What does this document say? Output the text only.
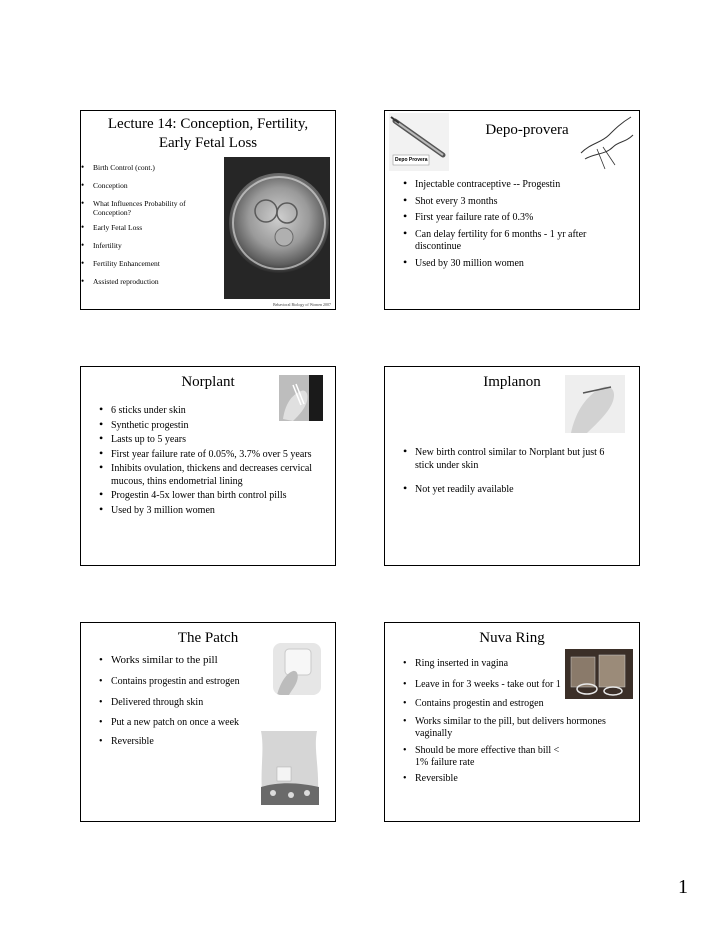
Lecture 14: Conception, Fertility,
Early Fetal Loss
• Birth Control (cont.)
• Conception
• What Influences Probability of Conception?
• Early Fetal Loss
• Infertility
• Fertility Enhancement
• Assisted reproduction
Behavioral Biology of Women 2007
Depo Provera
Depo-provera
• Injectable contraceptive -- Progestin
• Shot every 3 months
• First year failure rate of 0.3%
• Can delay fertility for 6 months - 1 yr after discontinue
• Used by 30 million women
Norplant
• 6 sticks under skin
• Synthetic progestin
• Lasts up to 5 years
• First year failure rate of 0.05%, 3.7% over 5 years
• Inhibits ovulation, thickens and decreases cervical mucous, thins endometrial lining
• Progestin 4-5x lower than birth control pills
• Used by 3 million women
Implanon
• New birth control similar to Norplant but just 6 stick under skin
• Not yet readily available
The Patch
• Works similar to the pill
• Contains progestin and estrogen
• Delivered through skin
• Put a new patch on once a week
• Reversible
Nuva Ring
• Ring inserted in vagina
• Leave in for 3 weeks - take out for 1
• Contains progestin and estrogen
• Works similar to the pill, but delivers hormones vaginally
• Should be more effective than bill < 1% failure rate
• Reversible
1
